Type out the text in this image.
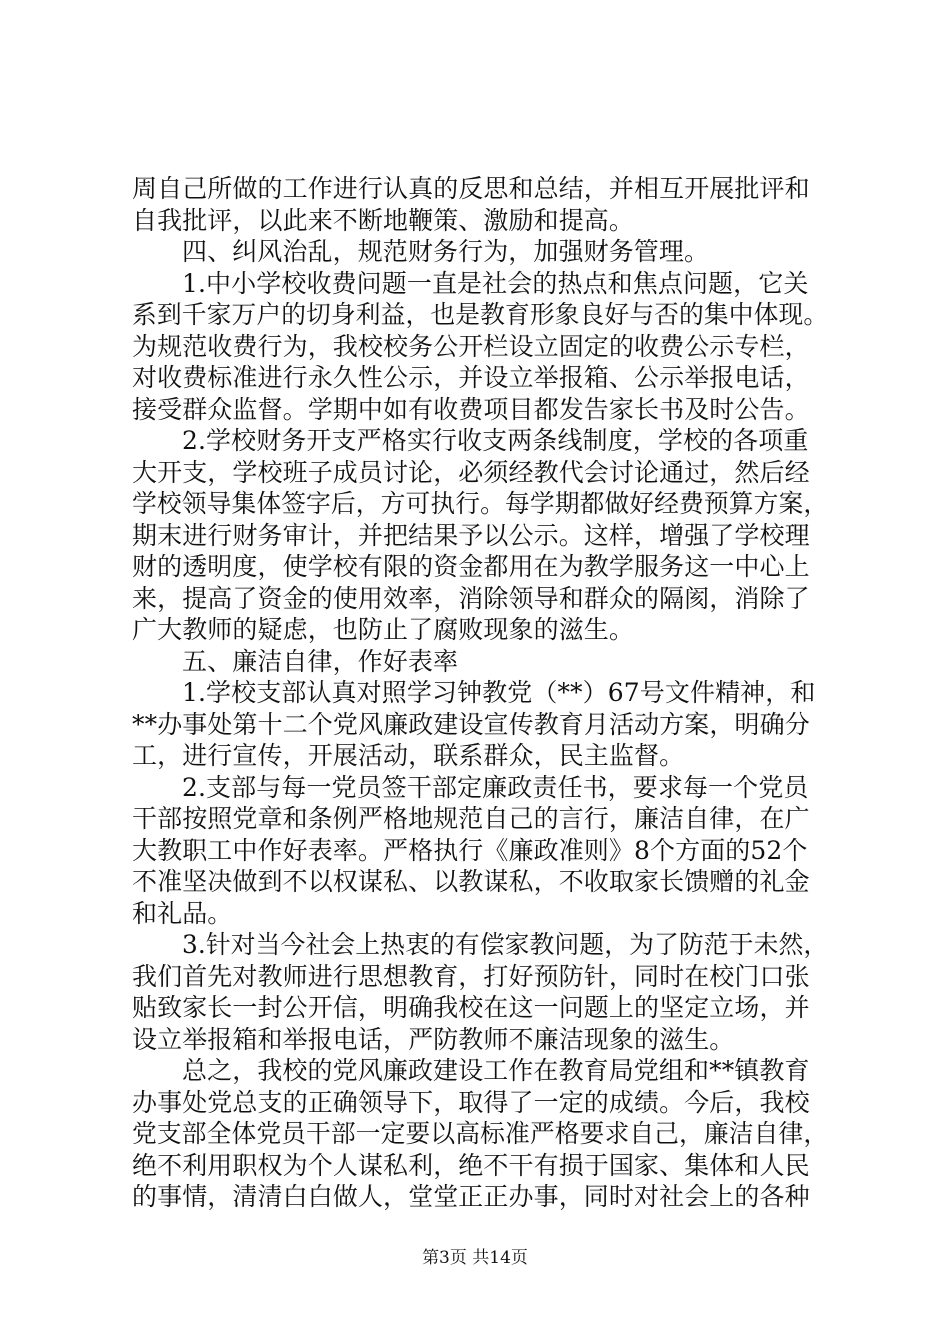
周自己所做的工作进行认真的反思和总结，并相互开展批评和
自我批评，以此来不断地鞭策、激励和提高。
四、纠风治乱，规范财务行为，加强财务管理。
1.中小学校收费问题一直是社会的热点和焦点问题，它关
系到千家万户的切身利益，也是教育形象良好与否的集中体现。
为规范收费行为，我校校务公开栏设立固定的收费公示专栏，
对收费标准进行永久性公示，并设立举报箱、公示举报电话，
接受群众监督。学期中如有收费项目都发告家长书及时公告。
2.学校财务开支严格实行收支两条线制度，学校的各项重
大开支，学校班子成员讨论，必须经教代会讨论通过，然后经
学校领导集体签字后，方可执行。每学期都做好经费预算方案，
期末进行财务审计，并把结果予以公示。这样，增强了学校理
财的透明度，使学校有限的资金都用在为教学服务这一中心上
来，提高了资金的使用效率，消除领导和群众的隔阂，消除了
广大教师的疑虑，也防止了腐败现象的滋生。
五、廉洁自律，作好表率
1.学校支部认真对照学习钟教党（**）67号文件精神，和
**办事处第十二个党风廉政建设宣传教育月活动方案，明确分
工，进行宣传，开展活动，联系群众，民主监督。
2.支部与每一党员签干部定廉政责任书，要求每一个党员
干部按照党章和条例严格地规范自己的言行，廉洁自律，在广
大教职工中作好表率。严格执行《廉政准则》8个方面的52个
不准坚决做到不以权谋私、以教谋私，不收取家长馈赠的礼金
和礼品。
3.针对当今社会上热衷的有偿家教问题，为了防范于未然，
我们首先对教师进行思想教育，打好预防针，同时在校门口张
贴致家长一封公开信，明确我校在这一问题上的坚定立场，并
设立举报箱和举报电话，严防教师不廉洁现象的滋生。
总之，我校的党风廉政建设工作在教育局党组和**镇教育
办事处党总支的正确领导下，取得了一定的成绩。今后，我校
党支部全体党员干部一定要以高标准严格要求自己，廉洁自律，
绝不利用职权为个人谋私利，绝不干有损于国家、集体和人民
的事情，清清白白做人，堂堂正正办事，同时对社会上的各种
第3页 共14页
